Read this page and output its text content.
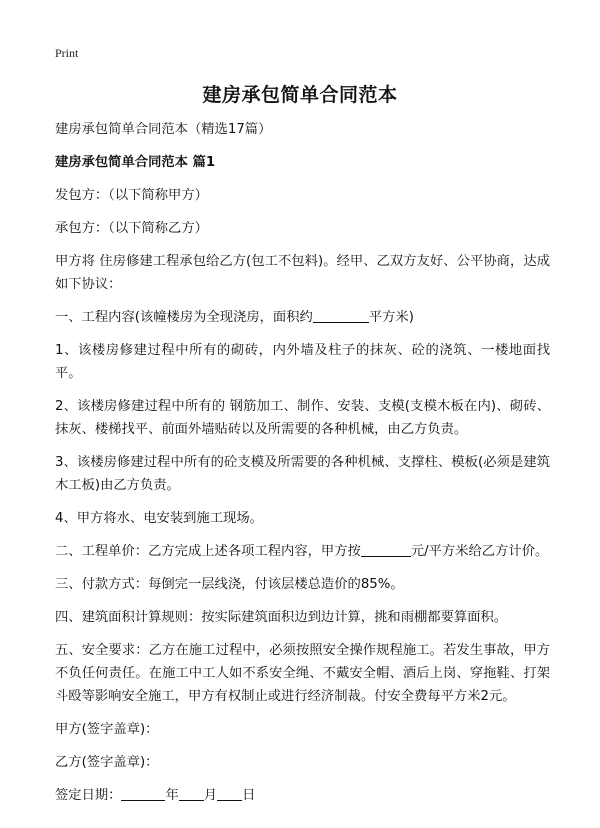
Print
建房承包简单合同范本

建房承包简单合同范本（精选17篇）

建房承包简单合同范本 篇1

发包方：（以下简称甲方）

承包方：（以下简称乙方）

甲方将 住房修建工程承包给乙方(包工不包料)。经甲、乙双方友好、公平协商，达成如下协议：

一、工程内容(该幢楼房为全现浇房，面积约	平方米)

1、该楼房修建过程中所有的砌砖，内外墙及柱子的抹灰、砼的浇筑、一楼地面找平。

2、该楼房修建过程中所有的 钢筋加工、制作、安装、支模(支模木板在内)、砌砖、抹灰、楼梯找平、前面外墙贴砖以及所需要的各种机械，由乙方负责。

3、该楼房修建过程中所有的砼支模及所需要的各种机械、支撑柱、模板(必须是建筑木工板)由乙方负责。

4、甲方将水、电安装到施工现场。

二、工程单价：乙方完成上述各项工程内容，甲方按	元/平方米给乙方计价。

三、付款方式：每倒完一层线浇，付该层楼总造价的85%。

四、建筑面积计算规则：按实际建筑面积边到边计算，挑和雨棚都要算面积。

五、安全要求：乙方在施工过程中，必须按照安全操作规程施工。若发生事故，甲方不负任何责任。在施工中工人如不系安全绳、不戴安全帽、酒后上岗、穿拖鞋、打架斗殴等影响安全施工，甲方有权制止或进行经济制裁。付安全费每平方米2元。

甲方(签字盖章)：

乙方(签字盖章)：

签定日期：	年 月 日
